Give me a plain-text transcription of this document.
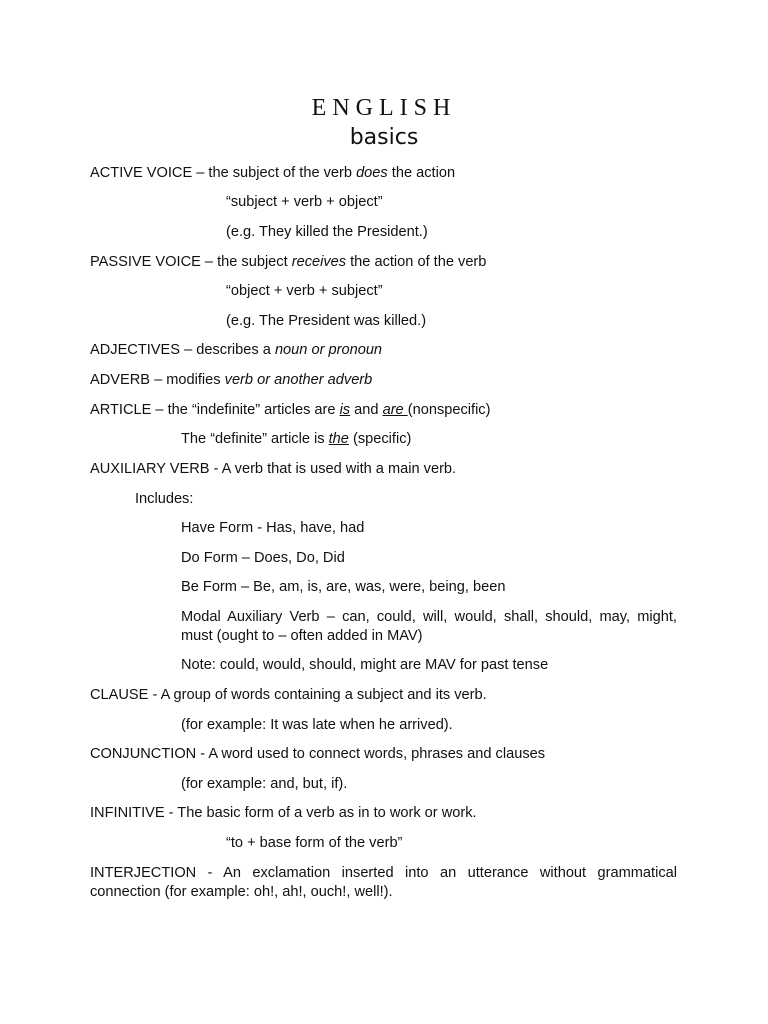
ENGLISH
basics
ACTIVE VOICE – the subject of the verb does the action
“subject + verb + object”
(e.g. They killed the President.)
PASSIVE VOICE – the subject receives the action of the verb
“object + verb + subject”
(e.g. The President was killed.)
ADJECTIVES – describes a noun or pronoun
ADVERB – modifies verb or another adverb
ARTICLE – the “indefinite” articles are is and are (nonspecific)
The “definite” article is the (specific)
AUXILIARY VERB - A verb that is used with a main verb.
Includes:
Have Form - Has, have, had
Do Form – Does, Do, Did
Be Form – Be, am, is, are, was, were, being, been
Modal Auxiliary Verb – can, could, will, would, shall, should, may, might, must (ought to – often added in MAV)
Note: could, would, should, might are MAV for past tense
CLAUSE - A group of words containing a subject and its verb.
(for example: It was late when he arrived).
CONJUNCTION - A word used to connect words, phrases and clauses
(for example: and, but, if).
INFINITIVE - The basic form of a verb as in to work or work.
“to + base form of the verb”
INTERJECTION - An exclamation inserted into an utterance without grammatical connection (for example: oh!, ah!, ouch!, well!).
